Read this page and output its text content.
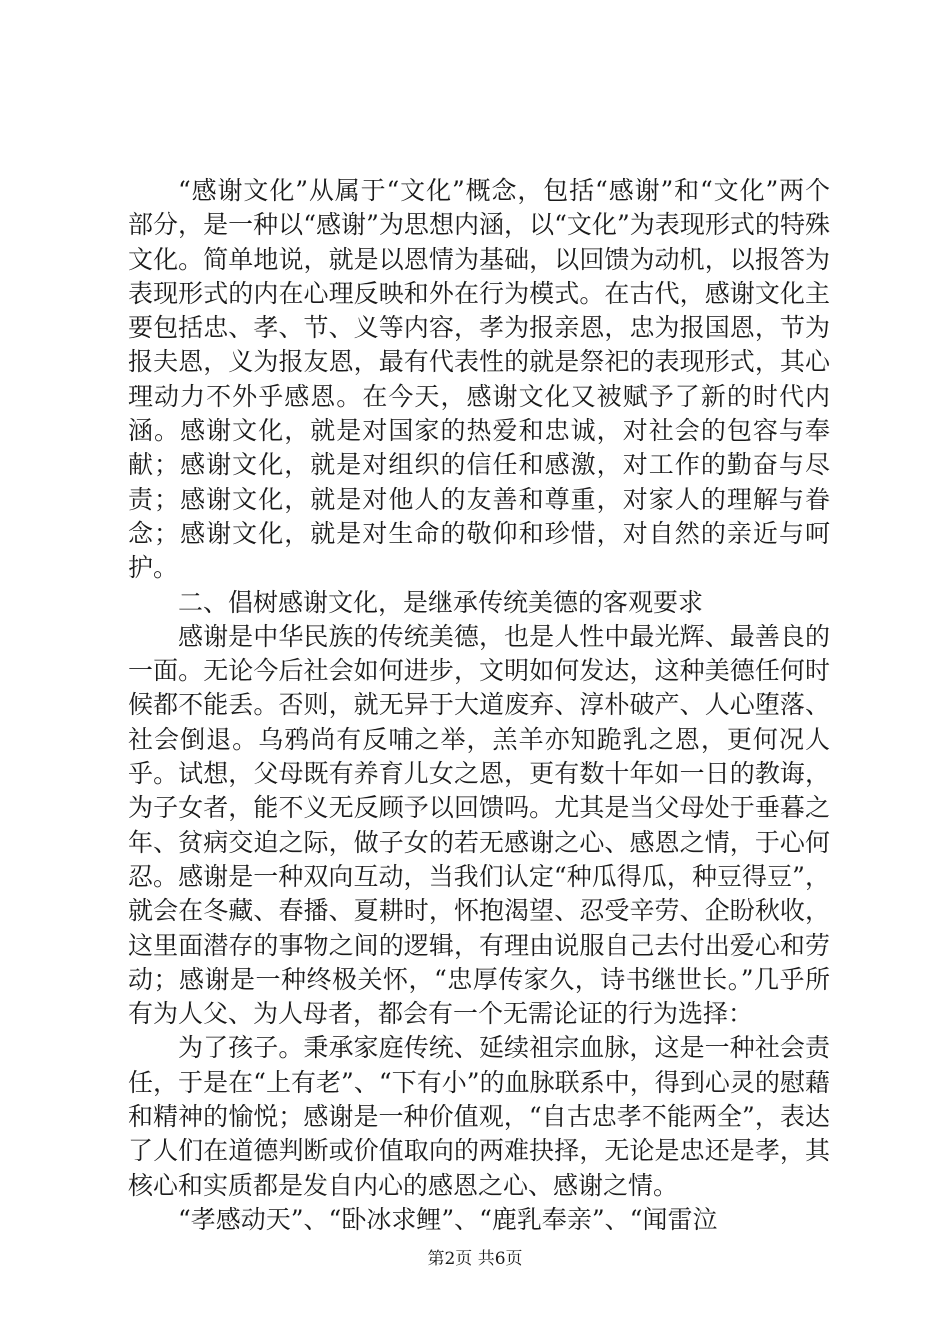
“感谢文化”从属于“文化”概念，包括“感谢”和“文化”两个部分，是一种以“感谢”为思想内涵，以“文化”为表现形式的特殊文化。简单地说，就是以恩情为基础，以回馈为动机，以报答为表现形式的内在心理反映和外在行为模式。在古代，感谢文化主要包括忠、孝、节、义等内容，孝为报亲恩，忠为报国恩，节为报夫恩，义为报友恩，最有代表性的就是祭祀的表现形式，其心理动力不外乎感恩。在今天，感谢文化又被赋予了新的时代内涵。感谢文化，就是对国家的热爱和忠诚，对社会的包容与奉献；感谢文化，就是对组织的信任和感激，对工作的勤奋与尽责；感谢文化，就是对他人的友善和尊重，对家人的理解与眷念；感谢文化，就是对生命的敬仰和珍惜，对自然的亲近与呵护。

二、倡树感谢文化，是继承传统美德的客观要求

感谢是中华民族的传统美德，也是人性中最光辉、最善良的一面。无论今后社会如何进步，文明如何发达，这种美德任何时候都不能丢。否则，就无异于大道废弃、淳朴破产、人心堕落、社会倒退。乌鸦尚有反哺之举，羔羊亦知跪乳之恩，更何况人乎。试想，父母既有养育儿女之恩，更有数十年如一日的教诲，为子女者，能不义无反顾予以回馈吗。尤其是当父母处于垂暮之年、贫病交迫之际，做子女的若无感谢之心、感恩之情，于心何忍。感谢是一种双向互动，当我们认定“种瓜得瓜，种豆得豆”，就会在冬藏、春播、夏耕时，怀抱渴望、忍受辛劳、企盼秋收，这里面潜存的事物之间的逻辑，有理由说服自己去付出爱心和劳动；感谢是一种终极关怀，“忠厚传家久，诗书继世长。”几乎所有为人父、为人母者，都会有一个无需论证的行为选择：

为了孩子。秉承家庭传统、延续祖宗血脉，这是一种社会责任，于是在“上有老”、“下有小”的血脉联系中，得到心灵的慰藉和精神的愉悦；感谢是一种价值观，“自古忠孝不能两全”，表达了人们在道德判断或价值取向的两难抉择，无论是忠还是孝，其核心和实质都是发自内心的感恩之心、感谢之情。

“孝感动天”、“卧冰求鲤”、“鹿乳奉亲”、“闻雷泣

第2页 共6页
